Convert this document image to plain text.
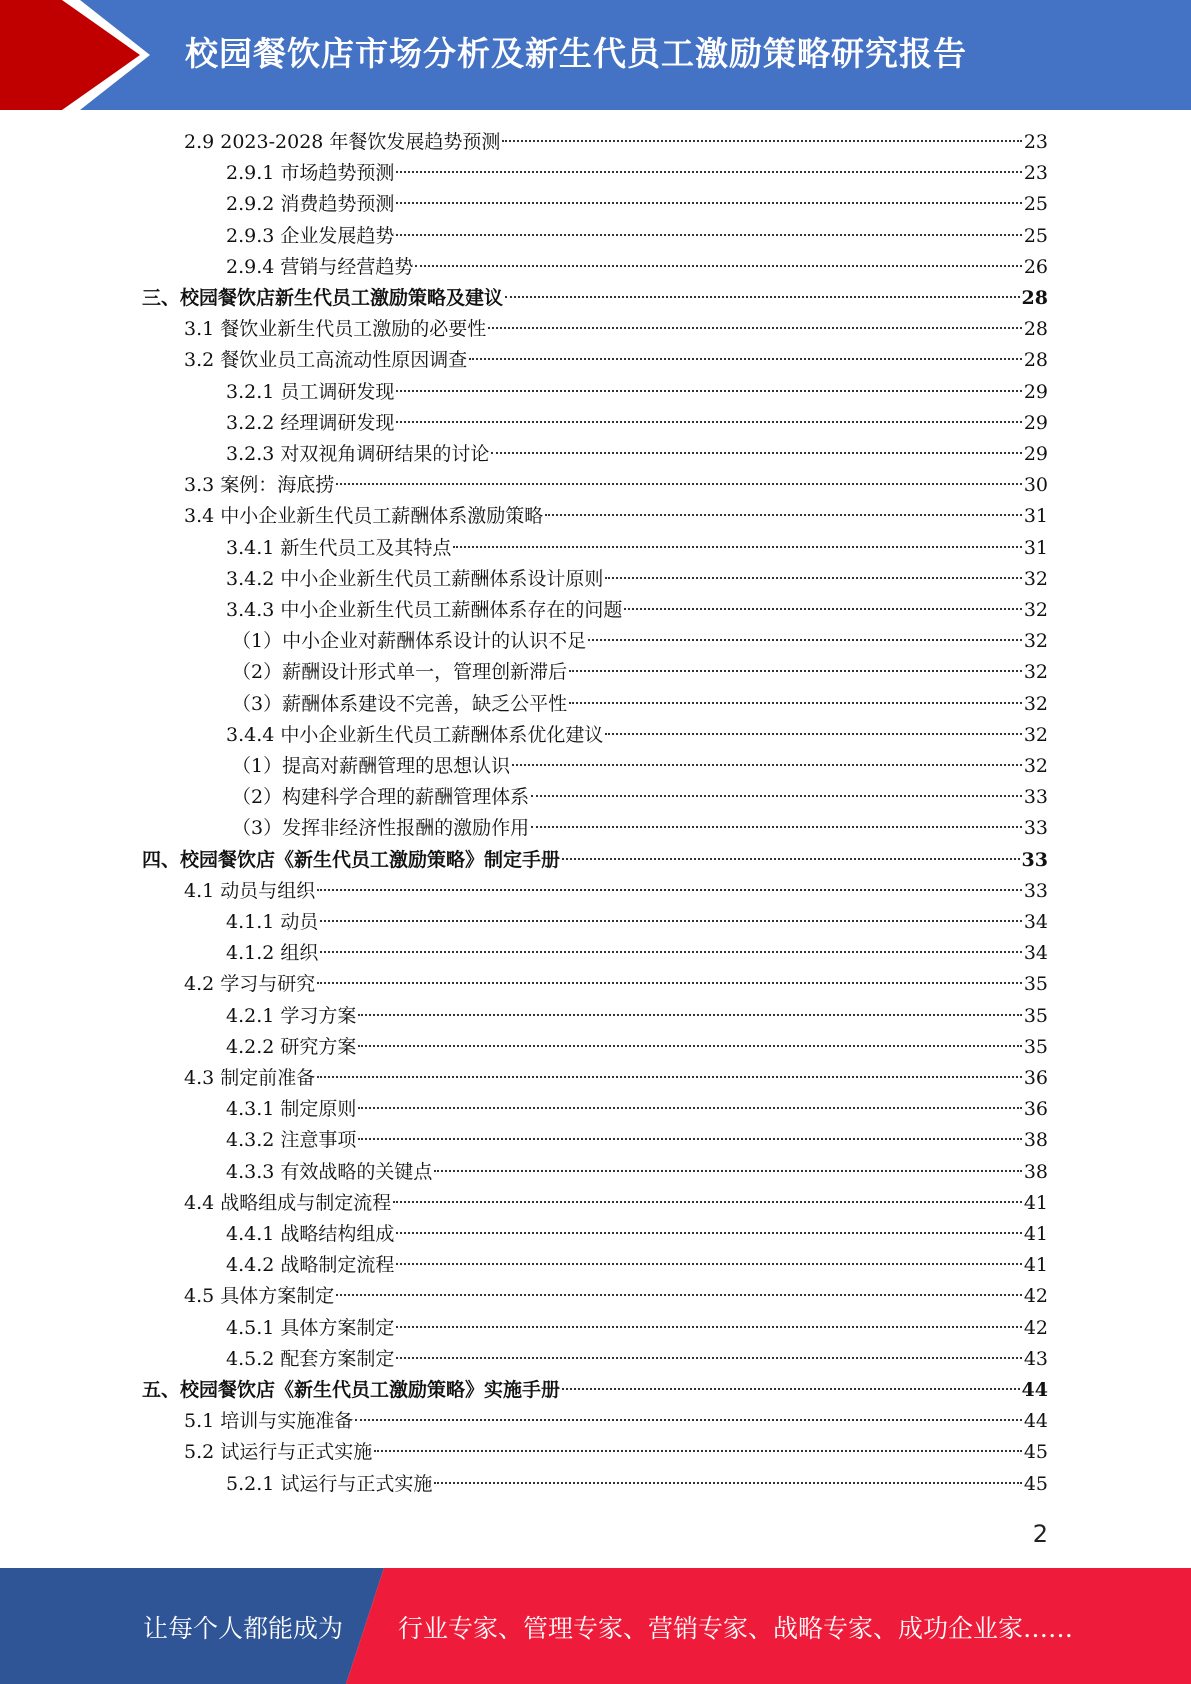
校园餐饮店市场分析及新生代员工激励策略研究报告
2.9 2023-2028 年餐饮发展趋势预测	23
2.9.1 市场趋势预测	23
2.9.2 消费趋势预测	25
2.9.3 企业发展趋势	25
2.9.4 营销与经营趋势	26
三、校园餐饮店新生代员工激励策略及建议	28
3.1 餐饮业新生代员工激励的必要性	28
3.2 餐饮业员工高流动性原因调查	28
3.2.1 员工调研发现	29
3.2.2 经理调研发现	29
3.2.3 对双视角调研结果的讨论	29
3.3 案例：海底捞	30
3.4 中小企业新生代员工薪酬体系激励策略	31
3.4.1 新生代员工及其特点	31
3.4.2 中小企业新生代员工薪酬体系设计原则	32
3.4.3 中小企业新生代员工薪酬体系存在的问题	32
（1）中小企业对薪酬体系设计的认识不足	32
（2）薪酬设计形式单一，管理创新滞后	32
（3）薪酬体系建设不完善，缺乏公平性	32
3.4.4 中小企业新生代员工薪酬体系优化建议	32
（1）提高对薪酬管理的思想认识	32
（2）构建科学合理的薪酬管理体系	33
（3）发挥非经济性报酬的激励作用	33
四、校园餐饮店《新生代员工激励策略》制定手册	33
4.1 动员与组织	33
4.1.1 动员	34
4.1.2 组织	34
4.2 学习与研究	35
4.2.1 学习方案	35
4.2.2 研究方案	35
4.3 制定前准备	36
4.3.1 制定原则	36
4.3.2 注意事项	38
4.3.3 有效战略的关键点	38
4.4 战略组成与制定流程	41
4.4.1 战略结构组成	41
4.4.2 战略制定流程	41
4.5 具体方案制定	42
4.5.1 具体方案制定	42
4.5.2 配套方案制定	43
五、校园餐饮店《新生代员工激励策略》实施手册	44
5.1 培训与实施准备	44
5.2 试运行与正式实施	45
5.2.1 试运行与正式实施	45
2
让每个人都能成为 行业专家、管理专家、营销专家、战略专家、成功企业家……
